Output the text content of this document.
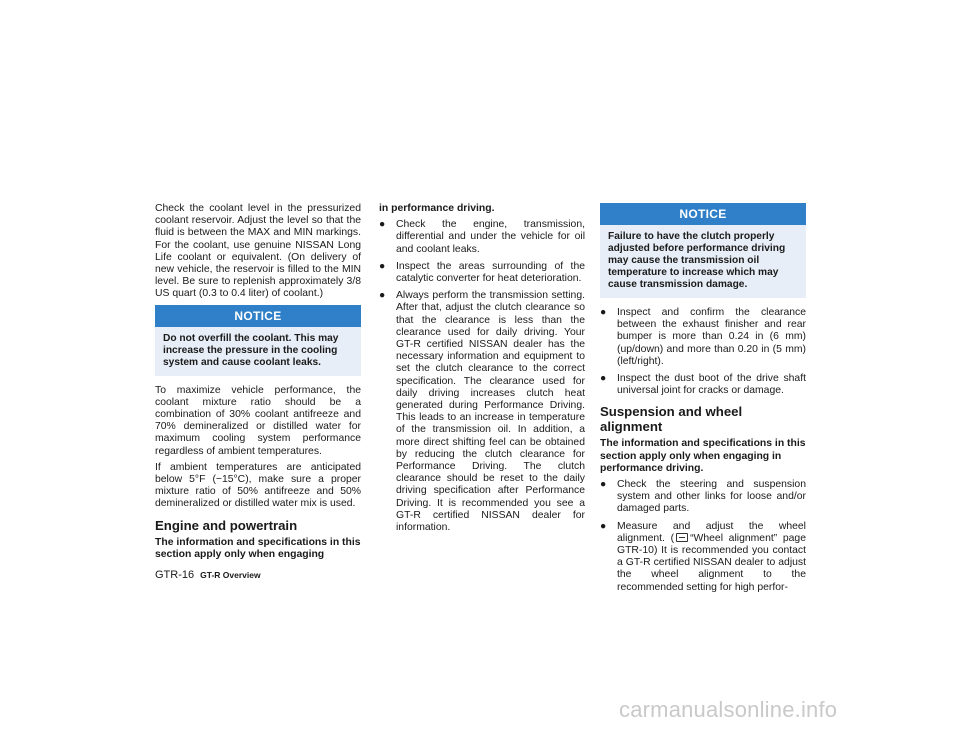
Check the coolant level in the pressurized coolant reservoir. Adjust the level so that the fluid is between the MAX and MIN markings. For the coolant, use genuine NISSAN Long Life coolant or equivalent. (On delivery of new vehicle, the reservoir is filled to the MIN level. Be sure to replenish approximately 3/8 US quart (0.3 to 0.4 liter) of coolant.)

NOTICE
Do not overfill the coolant. This may increase the pressure in the cooling system and cause coolant leaks.

To maximize vehicle performance, the coolant mixture ratio should be a combination of 30% coolant antifreeze and 70% demineralized or distilled water for maximum cooling system performance regardless of ambient temperatures.

If ambient temperatures are anticipated below 5°F (−15°C), make sure a proper mixture ratio of 50% antifreeze and 50% demineralized or distilled water mix is used.

Engine and powertrain

The information and specifications in this section apply only when engaging

in performance driving.

● Check the engine, transmission, differential and under the vehicle for oil and coolant leaks.
● Inspect the areas surrounding of the catalytic converter for heat deterioration.
● Always perform the transmission setting. After that, adjust the clutch clearance so that the clearance is less than the clearance used for daily driving. Your GT-R certified NISSAN dealer has the necessary information and equipment to set the clutch clearance to the correct specification. The clearance used for daily driving increases clutch heat generated during Performance Driving. This leads to an increase in temperature of the transmission oil. In addition, a more direct shifting feel can be obtained by reducing the clutch clearance for Performance Driving. The clutch clearance should be reset to the daily driving specification after Performance Driving. It is recommended you see a GT-R certified NISSAN dealer for information.
NOTICE
Failure to have the clutch properly adjusted before performance driving may cause the transmission oil temperature to increase which may cause transmission damage.
● Inspect and confirm the clearance between the exhaust finisher and rear bumper is more than 0.24 in (6 mm) (up/down) and more than 0.20 in (5 mm) (left/right).
● Inspect the dust boot of the drive shaft universal joint for cracks or damage.
Suspension and wheel alignment

The information and specifications in this section apply only when engaging in performance driving.

● Check the steering and suspension system and other links for loose and/or damaged parts.
● Measure and adjust the wheel alignment. ( “Wheel alignment” page GTR-10) It is recommended you contact a GT-R certified NISSAN dealer to adjust the wheel alignment to the recommended setting for high perfor-
GTR-16 GT-R Overview
carmanualsonline.info
